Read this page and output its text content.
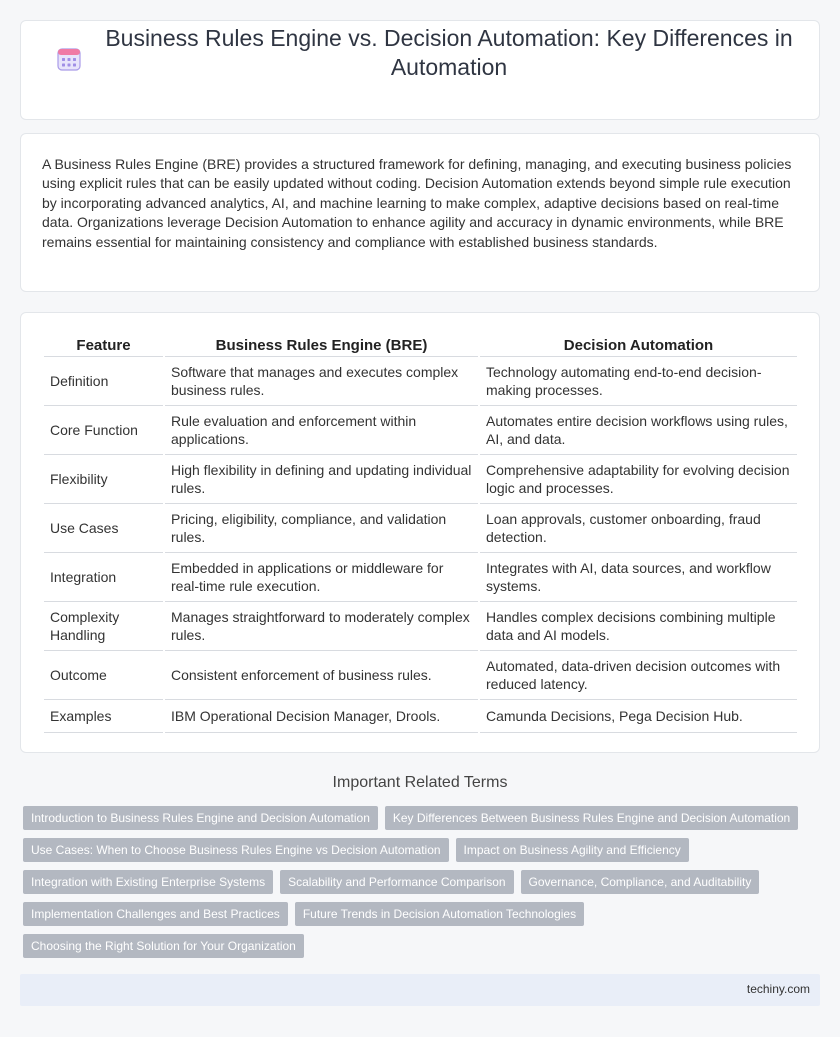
Business Rules Engine vs. Decision Automation: Key Differences in Automation

A Business Rules Engine (BRE) provides a structured framework for defining, managing, and executing business policies using explicit rules that can be easily updated without coding. Decision Automation extends beyond simple rule execution by incorporating advanced analytics, AI, and machine learning to make complex, adaptive decisions based on real-time data. Organizations leverage Decision Automation to enhance agility and accuracy in dynamic environments, while BRE remains essential for maintaining consistency and compliance with established business standards.

Feature	Business Rules Engine (BRE)	Decision Automation
Definition	Software that manages and executes complex business rules.	Technology automating end-to-end decision-making processes.
Core Function	Rule evaluation and enforcement within applications.	Automates entire decision workflows using rules, AI, and data.
Flexibility	High flexibility in defining and updating individual rules.	Comprehensive adaptability for evolving decision logic and processes.
Use Cases	Pricing, eligibility, compliance, and validation rules.	Loan approvals, customer onboarding, fraud detection.
Integration	Embedded in applications or middleware for real-time rule execution.	Integrates with AI, data sources, and workflow systems.
Complexity Handling	Manages straightforward to moderately complex rules.	Handles complex decisions combining multiple data and AI models.
Outcome	Consistent enforcement of business rules.	Automated, data-driven decision outcomes with reduced latency.
Examples	IBM Operational Decision Manager, Drools.	Camunda Decisions, Pega Decision Hub.
Important Related Terms
Introduction to Business Rules Engine and Decision Automation	Key Differences Between Business Rules Engine and Decision Automation
Use Cases: When to Choose Business Rules Engine vs Decision Automation	Impact on Business Agility and Efficiency
Integration with Existing Enterprise Systems	Scalability and Performance Comparison	Governance, Compliance, and Auditability
Implementation Challenges and Best Practices	Future Trends in Decision Automation Technologies
Choosing the Right Solution for Your Organization
techiny.com
